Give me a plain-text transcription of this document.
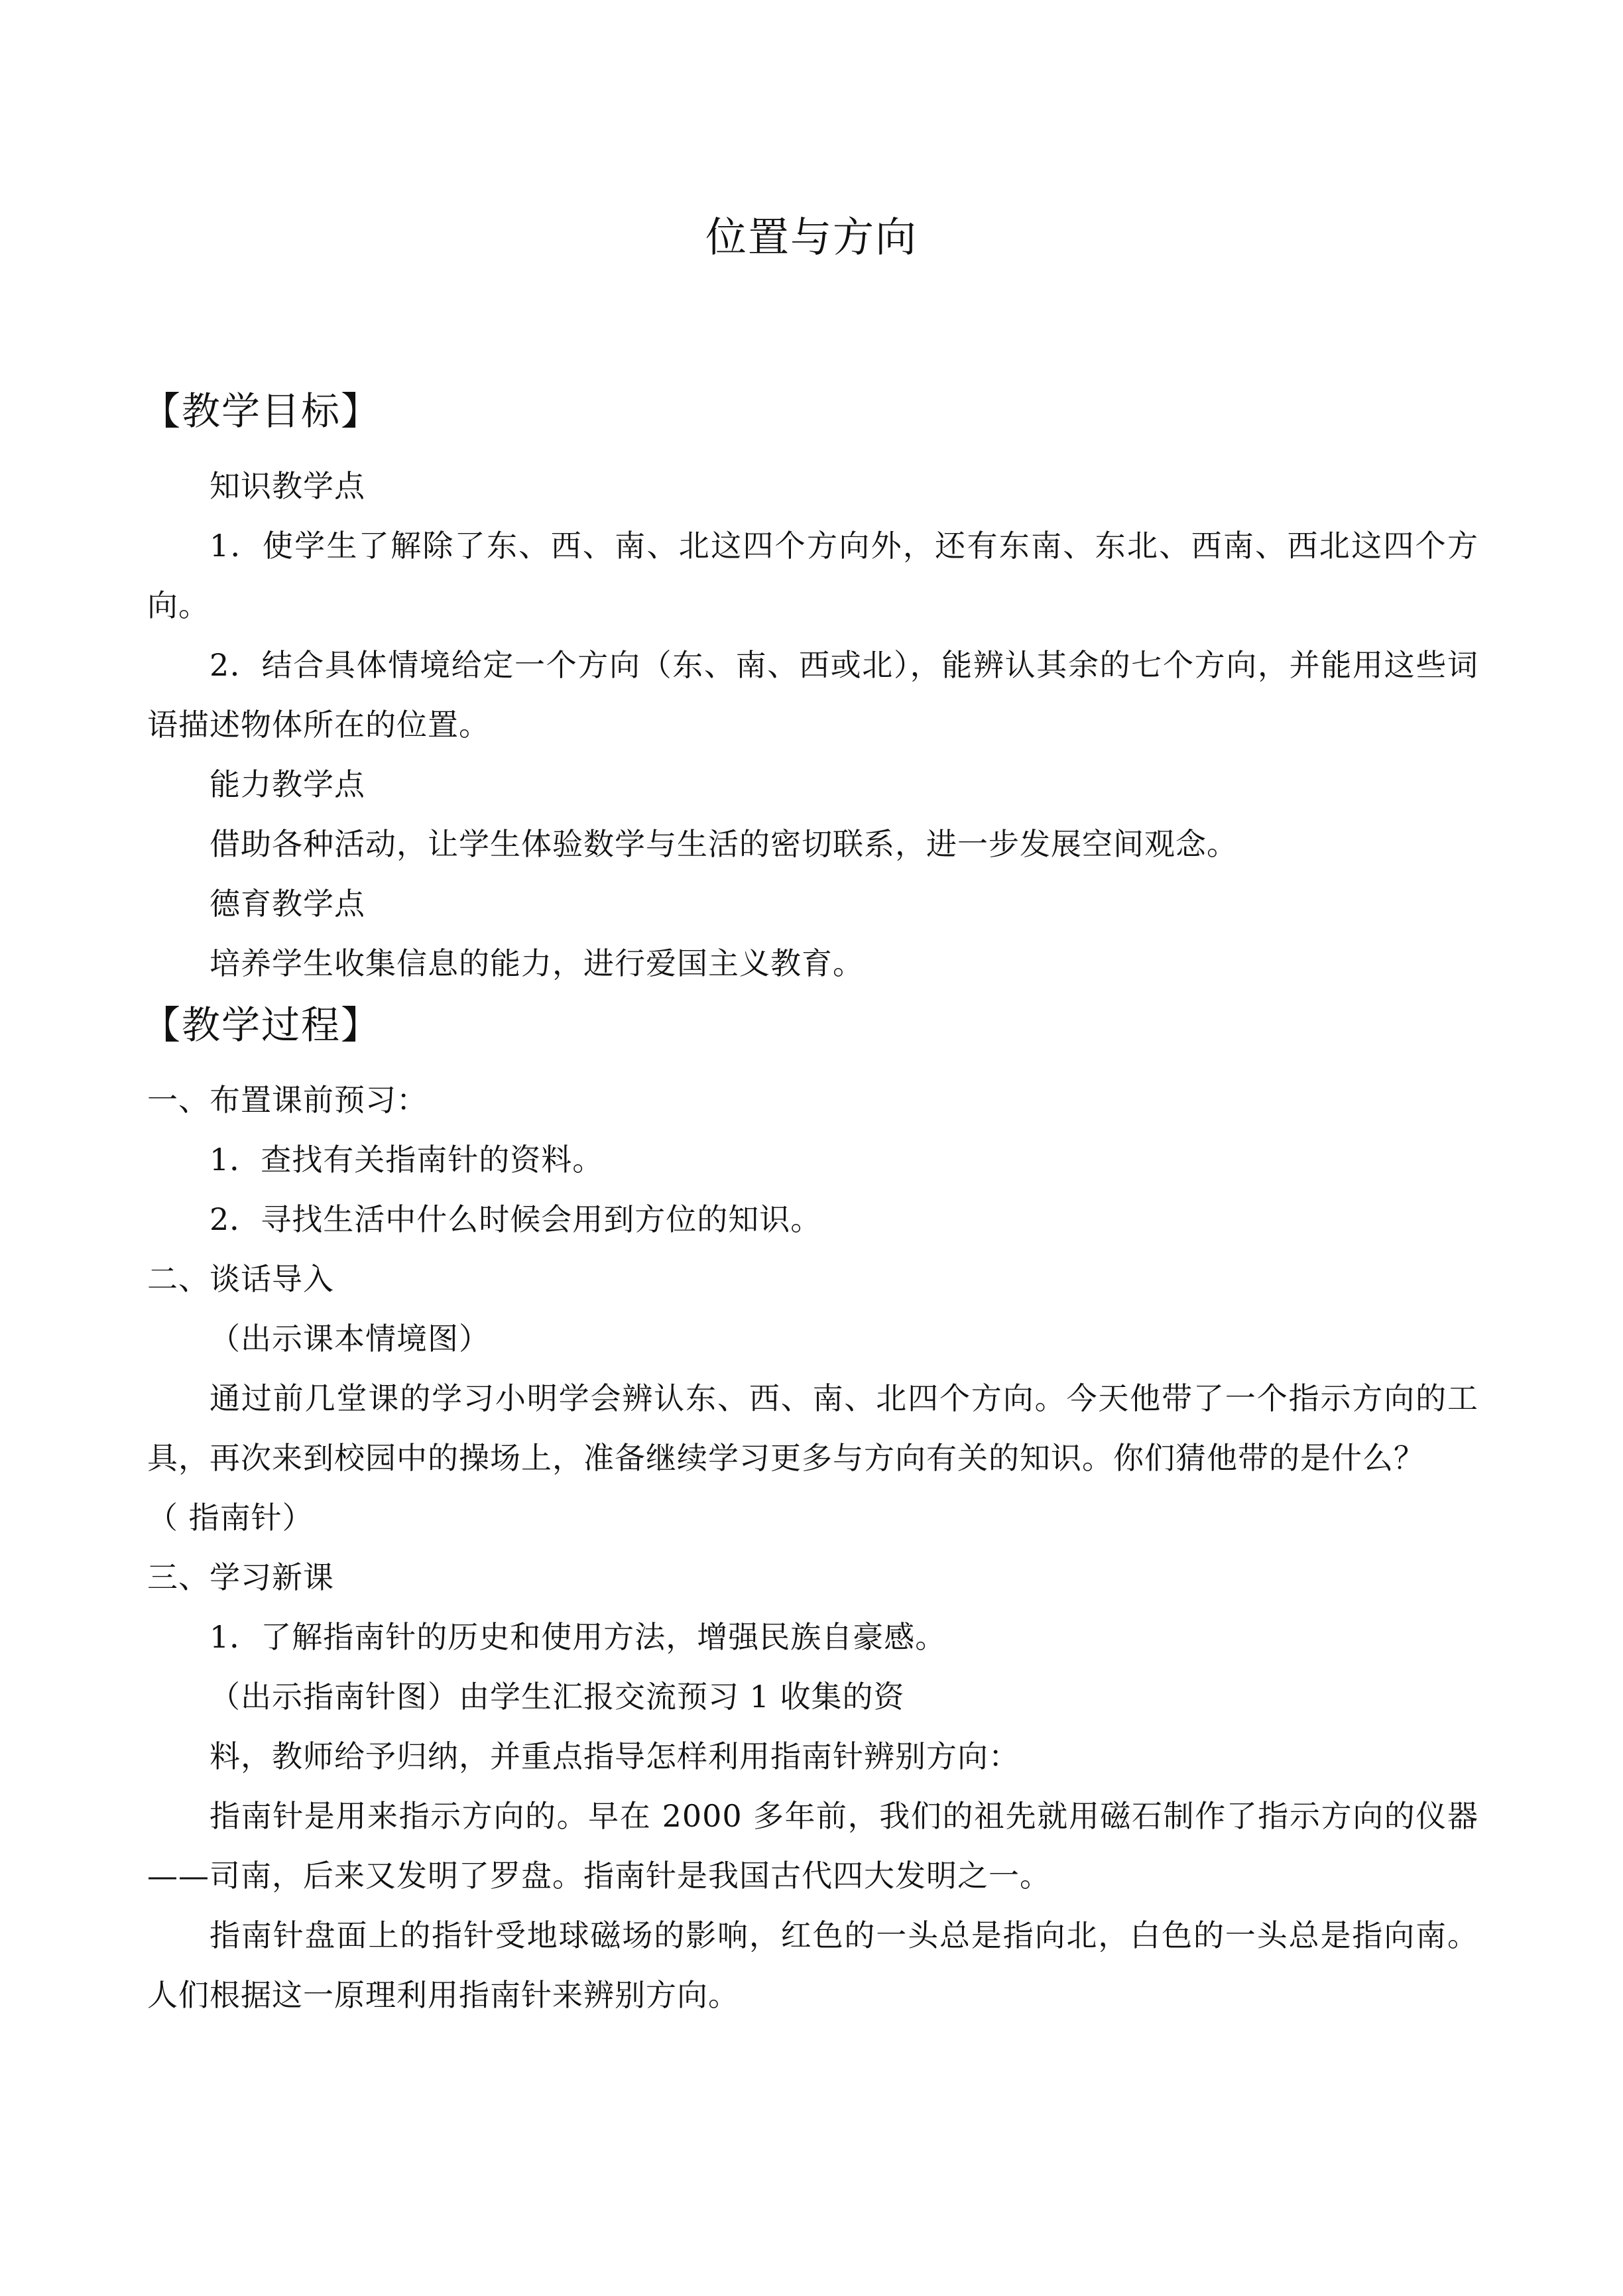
位置与方向
【教学目标】

知识教学点

1．使学生了解除了东、西、南、北这四个方向外，还有东南、东北、西南、西北这四个方向。

2．结合具体情境给定一个方向（东、南、西或北），能辨认其余的七个方向，并能用这些词语描述物体所在的位置。

能力教学点

借助各种活动，让学生体验数学与生活的密切联系，进一步发展空间观念。

德育教学点

培养学生收集信息的能力，进行爱国主义教育。

【教学过程】

一、布置课前预习：

1．查找有关指南针的资料。

2．寻找生活中什么时候会用到方位的知识。

二、谈话导入

（出示课本情境图）

通过前几堂课的学习小明学会辨认东、西、南、北四个方向。今天他带了一个指示方向的工具，再次来到校园中的操场上，准备继续学习更多与方向有关的知识。你们猜他带的是什么？

（ 指南针）

三、学习新课

1．了解指南针的历史和使用方法，增强民族自豪感。

（出示指南针图）由学生汇报交流预习 1 收集的资

料，教师给予归纳，并重点指导怎样利用指南针辨别方向：

指南针是用来指示方向的。早在 2000 多年前，我们的祖先就用磁石制作了指示方向的仪器——司南，后来又发明了罗盘。指南针是我国古代四大发明之一。

指南针盘面上的指针受地球磁场的影响，红色的一头总是指向北，白色的一头总是指向南。人们根据这一原理利用指南针来辨别方向。
